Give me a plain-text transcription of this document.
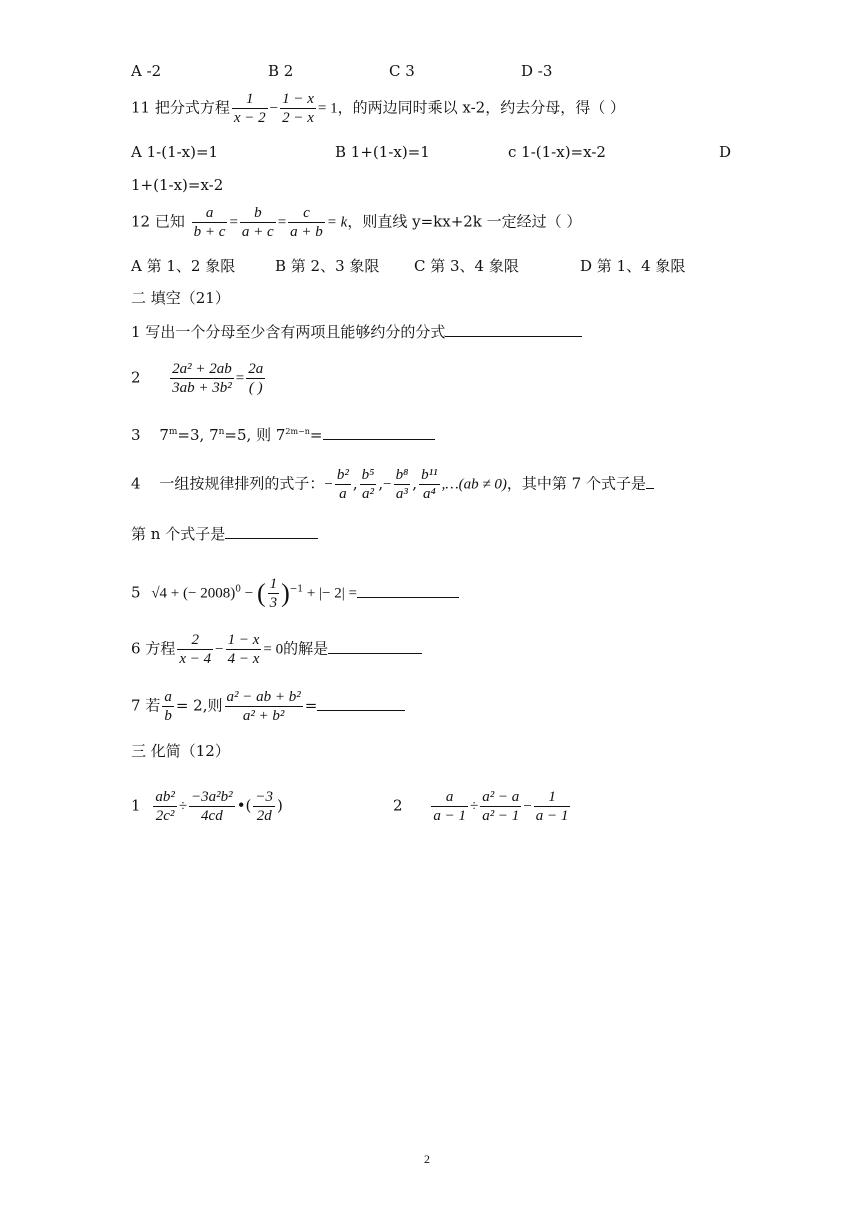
A -2	B 2	C 3	D -3
11 把分式方程 $\frac{1}{x - 2} - \frac{1 - x}{2 - x} = 1$，的两边同时乘以 x-2，约去分母，得（ ）
A 1-(1-x)=1	B 1+(1-x)=1	c 1-(1-x)=x-2	D
1+(1-x)=x-2
12 已知 $\frac{a}{b + c} = \frac{b}{a + c} = \frac{c}{a + b} = k$，则直线 y=kx+2k 一定经过（ ）
A 第 1、2 象限	B 第 2、3 象限 C 第 3、4 象限	D 第 1、4 象限
二 填空（21）
1 写出一个分母至少含有两项且能够约分的分式
$2 \frac{\text{2a² + 2ab}}{\text{3ab + 3b²}} = \frac{2a}{( )}$
3 $7^m=3$, $7^n=5$, 则 $7^{2m-n}=$
4 一组按规律排列的式子：− $\frac{\text{b²}}{a}$ , $\frac{\text{b⁵}}{\text{a²}}$ ,− $\frac{\text{b⁸}}{\text{a³}}$ , $\frac{\text{b¹¹}}{\text{a⁴}}$ ,…(ab ≠ 0)，其中第 7 个式子是
第 n 个式子是
5 √4 + (− 2008)$^0$ − ( $\frac{1}{3} )^{-1}$ + |− 2| =
6 方程 $\frac{2}{x - 4} - \frac{1 - x}{4 - x} = 0$的解是
7 若 $\frac{a}{b} = 2$,则 $\frac{\text{a² − ab + b²}}{\text{a² + b²}}$ =
三 化简（12）
$1 \frac{\text{ab²}}{\text{2c²}} \div \frac{\text{−3a²b²}}{4cd}$ •( $\frac{-3}{2d}$ )	$2 \frac{a}{a - 1} \div \frac{\text{a² − a}}{\text{a² − 1}} - \frac{1}{a - 1}$
2
